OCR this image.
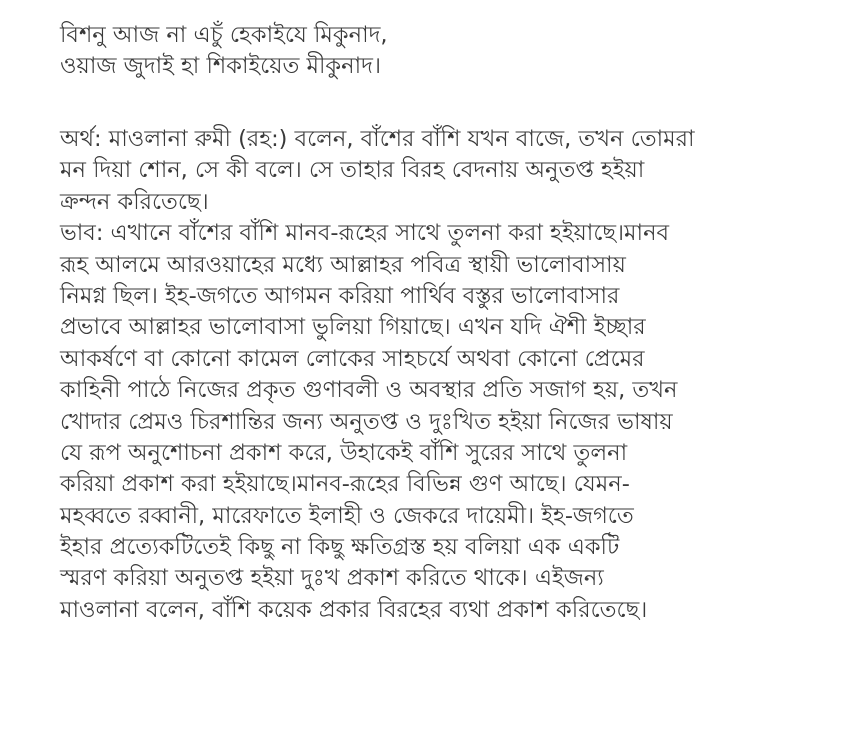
বিশনু আজ না এচুঁ হেকাইযে মিকুনাদ,
ওয়াজ জুদাই হা শিকাইয়েত মীকুনাদ।
অর্থ: মাওলানা রুমী (রহ:) বলেন, বাঁশের বাঁশি যখন বাজে, তখন তোমরা
মন দিয়া শোন, সে কী বলে। সে তাহার বিরহ বেদনায় অনুতপ্ত হইয়া
ক্রন্দন করিতেছে।
ভাব: এখানে বাঁশের বাঁশি মানব-রূহের সাথে তুলনা করা হইয়াছে।মানব
রূহ আলমে আরওয়াহের মধ্যে আল্লাহর পবিত্র স্থায়ী ভালোবাসায়
নিমগ্ন ছিল। ইহ-জগতে আগমন করিয়া পার্থিব বস্তুর ভালোবাসার
প্রভাবে আল্লাহর ভালোবাসা ভুলিয়া গিয়াছে। এখন যদি ঐশী ইচ্ছার
আকর্ষণে বা কোনো কামেল লোকের সাহচর্যে অথবা কোনো প্রেমের
কাহিনী পাঠে নিজের প্রকৃত গুণাবলী ও অবস্থার প্রতি সজাগ হয়, তখন
খোদার প্রেমও চিরশান্তির জন্য অনুতপ্ত ও দুঃখিত হইয়া নিজের ভাষায়
যে রূপ অনুশোচনা প্রকাশ করে, উহাকেই বাঁশি সুরের সাথে তুলনা
করিয়া প্রকাশ করা হইয়াছে।মানব-রূহের বিভিন্ন গুণ আছে। যেমন-
মহব্বতে রব্বানী, মারেফাতে ইলাহী ও জেকরে দায়েমী। ইহ-জগতে
ইহার প্রত্যেকটিতেই কিছু না কিছু ক্ষতিগ্রস্ত হয় বলিয়া এক একটি
স্মরণ করিয়া অনুতপ্ত হইয়া দুঃখ প্রকাশ করিতে থাকে। এইজন্য
মাওলানা বলেন, বাঁশি কয়েক প্রকার বিরহের ব্যথা প্রকাশ করিতেছে।
